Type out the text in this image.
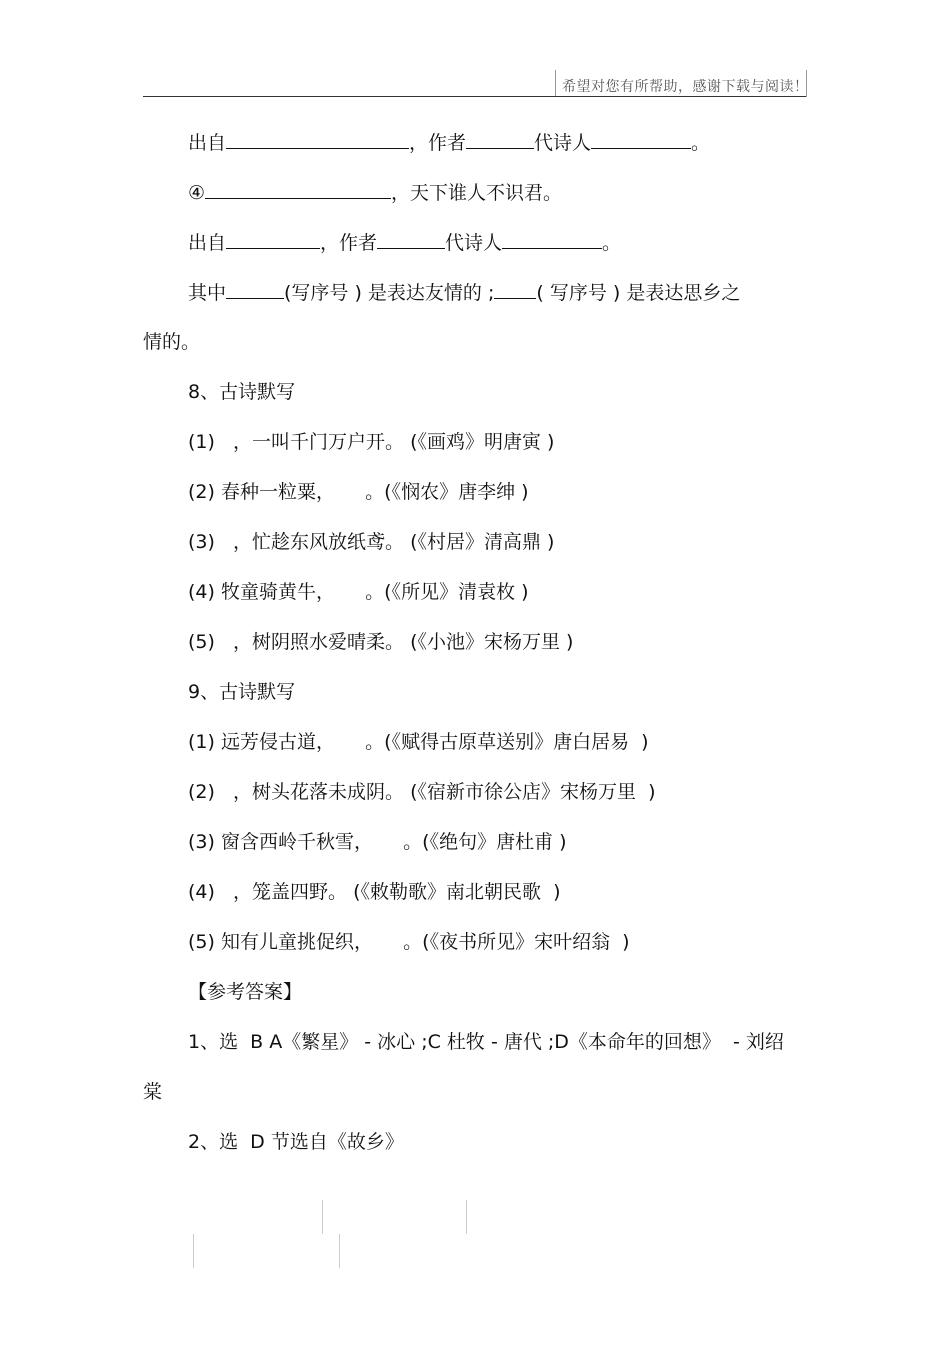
希望对您有所帮助，感谢下载与阅读！
出自	，作者	代诗人	。
④	，天下谁人不识君。
出自	，作者	代诗人	。
其中	(写序号 ) 是表达友情的 ; ( 写序号 ) 是表达思乡之
情的。
8、古诗默写
(1)   ，一叫千门万户开。 (《画鸡》明唐寅 )
(2) 春种一粒粟，     。(《悯农》唐李绅 )
(3)   ，忙趁东风放纸鸢。 (《村居》清高鼎 )
(4) 牧童骑黄牛，     。(《所见》清袁枚 )
(5)   ，树阴照水爱晴柔。 (《小池》宋杨万里 )
9、古诗默写
(1) 远芳侵古道，     。(《赋得古原草送别》唐白居易  )
(2)   ，树头花落未成阴。 (《宿新市徐公店》宋杨万里  )
(3) 窗含西岭千秋雪，     。(《绝句》唐杜甫 )
(4)   ，笼盖四野。 (《敕勒歌》南北朝民歌  )
(5) 知有儿童挑促织，     。(《夜书所见》宋叶绍翁  )
【参考答案】
1、选  B A《繁星》 - 冰心 ;C 杜牧 - 唐代 ;D《本命年的回想》  - 刘绍
棠
2、选  D 节选自《故乡》
